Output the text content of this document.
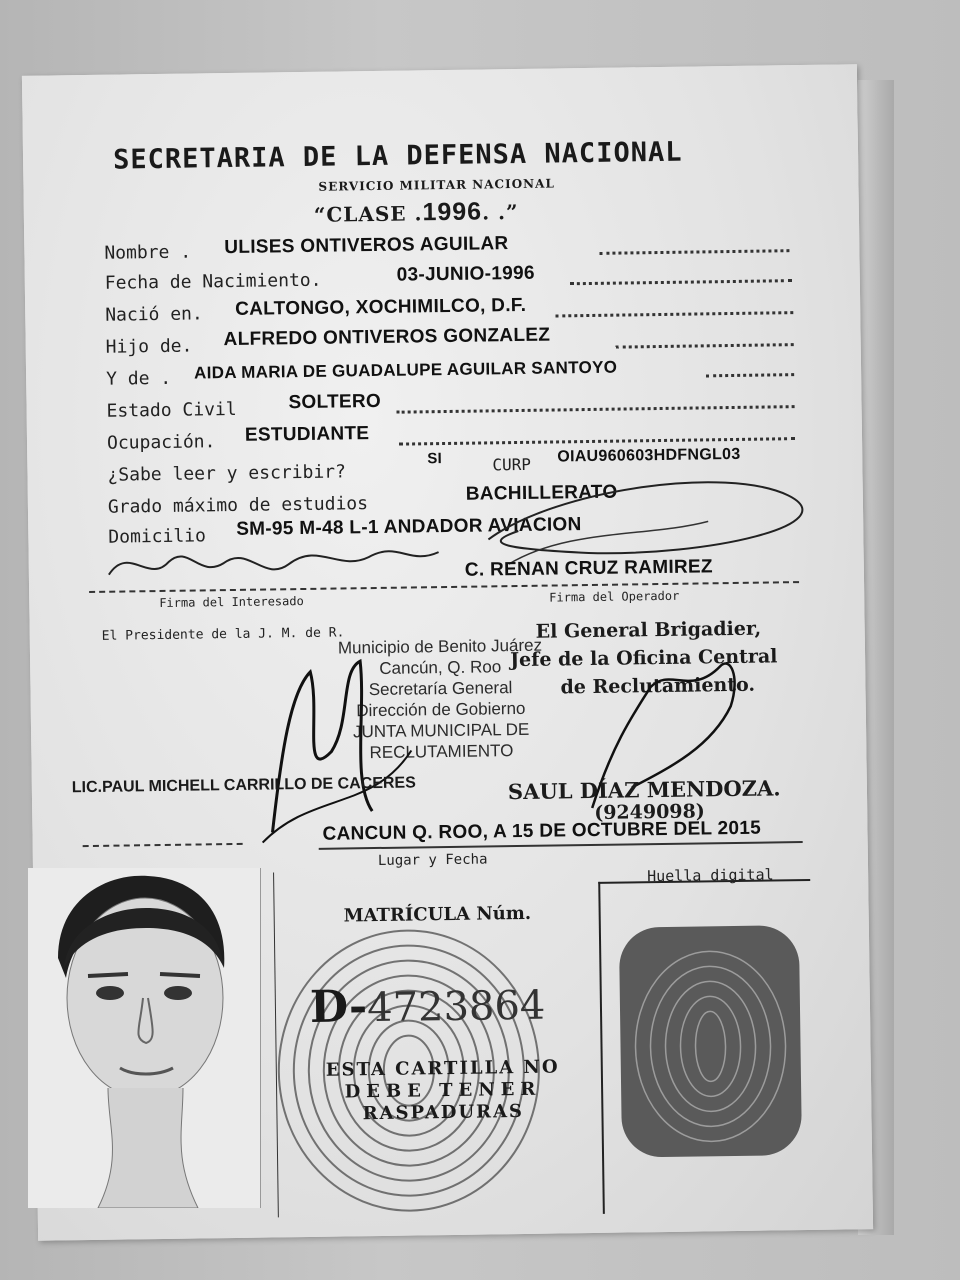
SECRETARIA DE LA DEFENSA NACIONAL
SERVICIO MILITAR NACIONAL
“CLASE .1996. .”
Nombre . ULISES ONTIVEROS AGUILAR
Fecha de Nacimiento.	03-JUNIO-1996
Nació en. CALTONGO, XOCHIMILCO, D.F.
Hijo de. ALFREDO ONTIVEROS GONZALEZ
Y de . AIDA MARIA DE GUADALUPE AGUILAR SANTOYO
Estado Civil	SOLTERO
Ocupación. ESTUDIANTE
¿Sabe leer y escribir?
SI	CURP OIAU960603HDFNGL03
Grado máximo de estudios	BACHILLERATO
Domicilio SM-95 M-48 L-1 ANDADOR AVIACION
C. RENAN CRUZ RAMIREZ
Firma del Interesado	Firma del Operador
El Presidente de la J. M. de R.	El General Brigadier,
Jefe de la Oficina Central
de Reclutamiento.
Municipio de Benito Juárez
Cancún, Q. Roo
Secretaría General
Dirección de Gobierno
JUNTA MUNICIPAL DE
RECLUTAMIENTO
LIC.PAUL MICHELL CARRILLO DE CACERES	SAUL DÍAZ MENDOZA.
(9249098)
CANCUN Q. ROO, A 15 DE OCTUBRE DEL 2015
Lugar y Fecha
Huella digital
MATRÍCULA Núm.
D-4723864
ESTA CARTILLA NO
DEBE TENER
RASPADURAS
